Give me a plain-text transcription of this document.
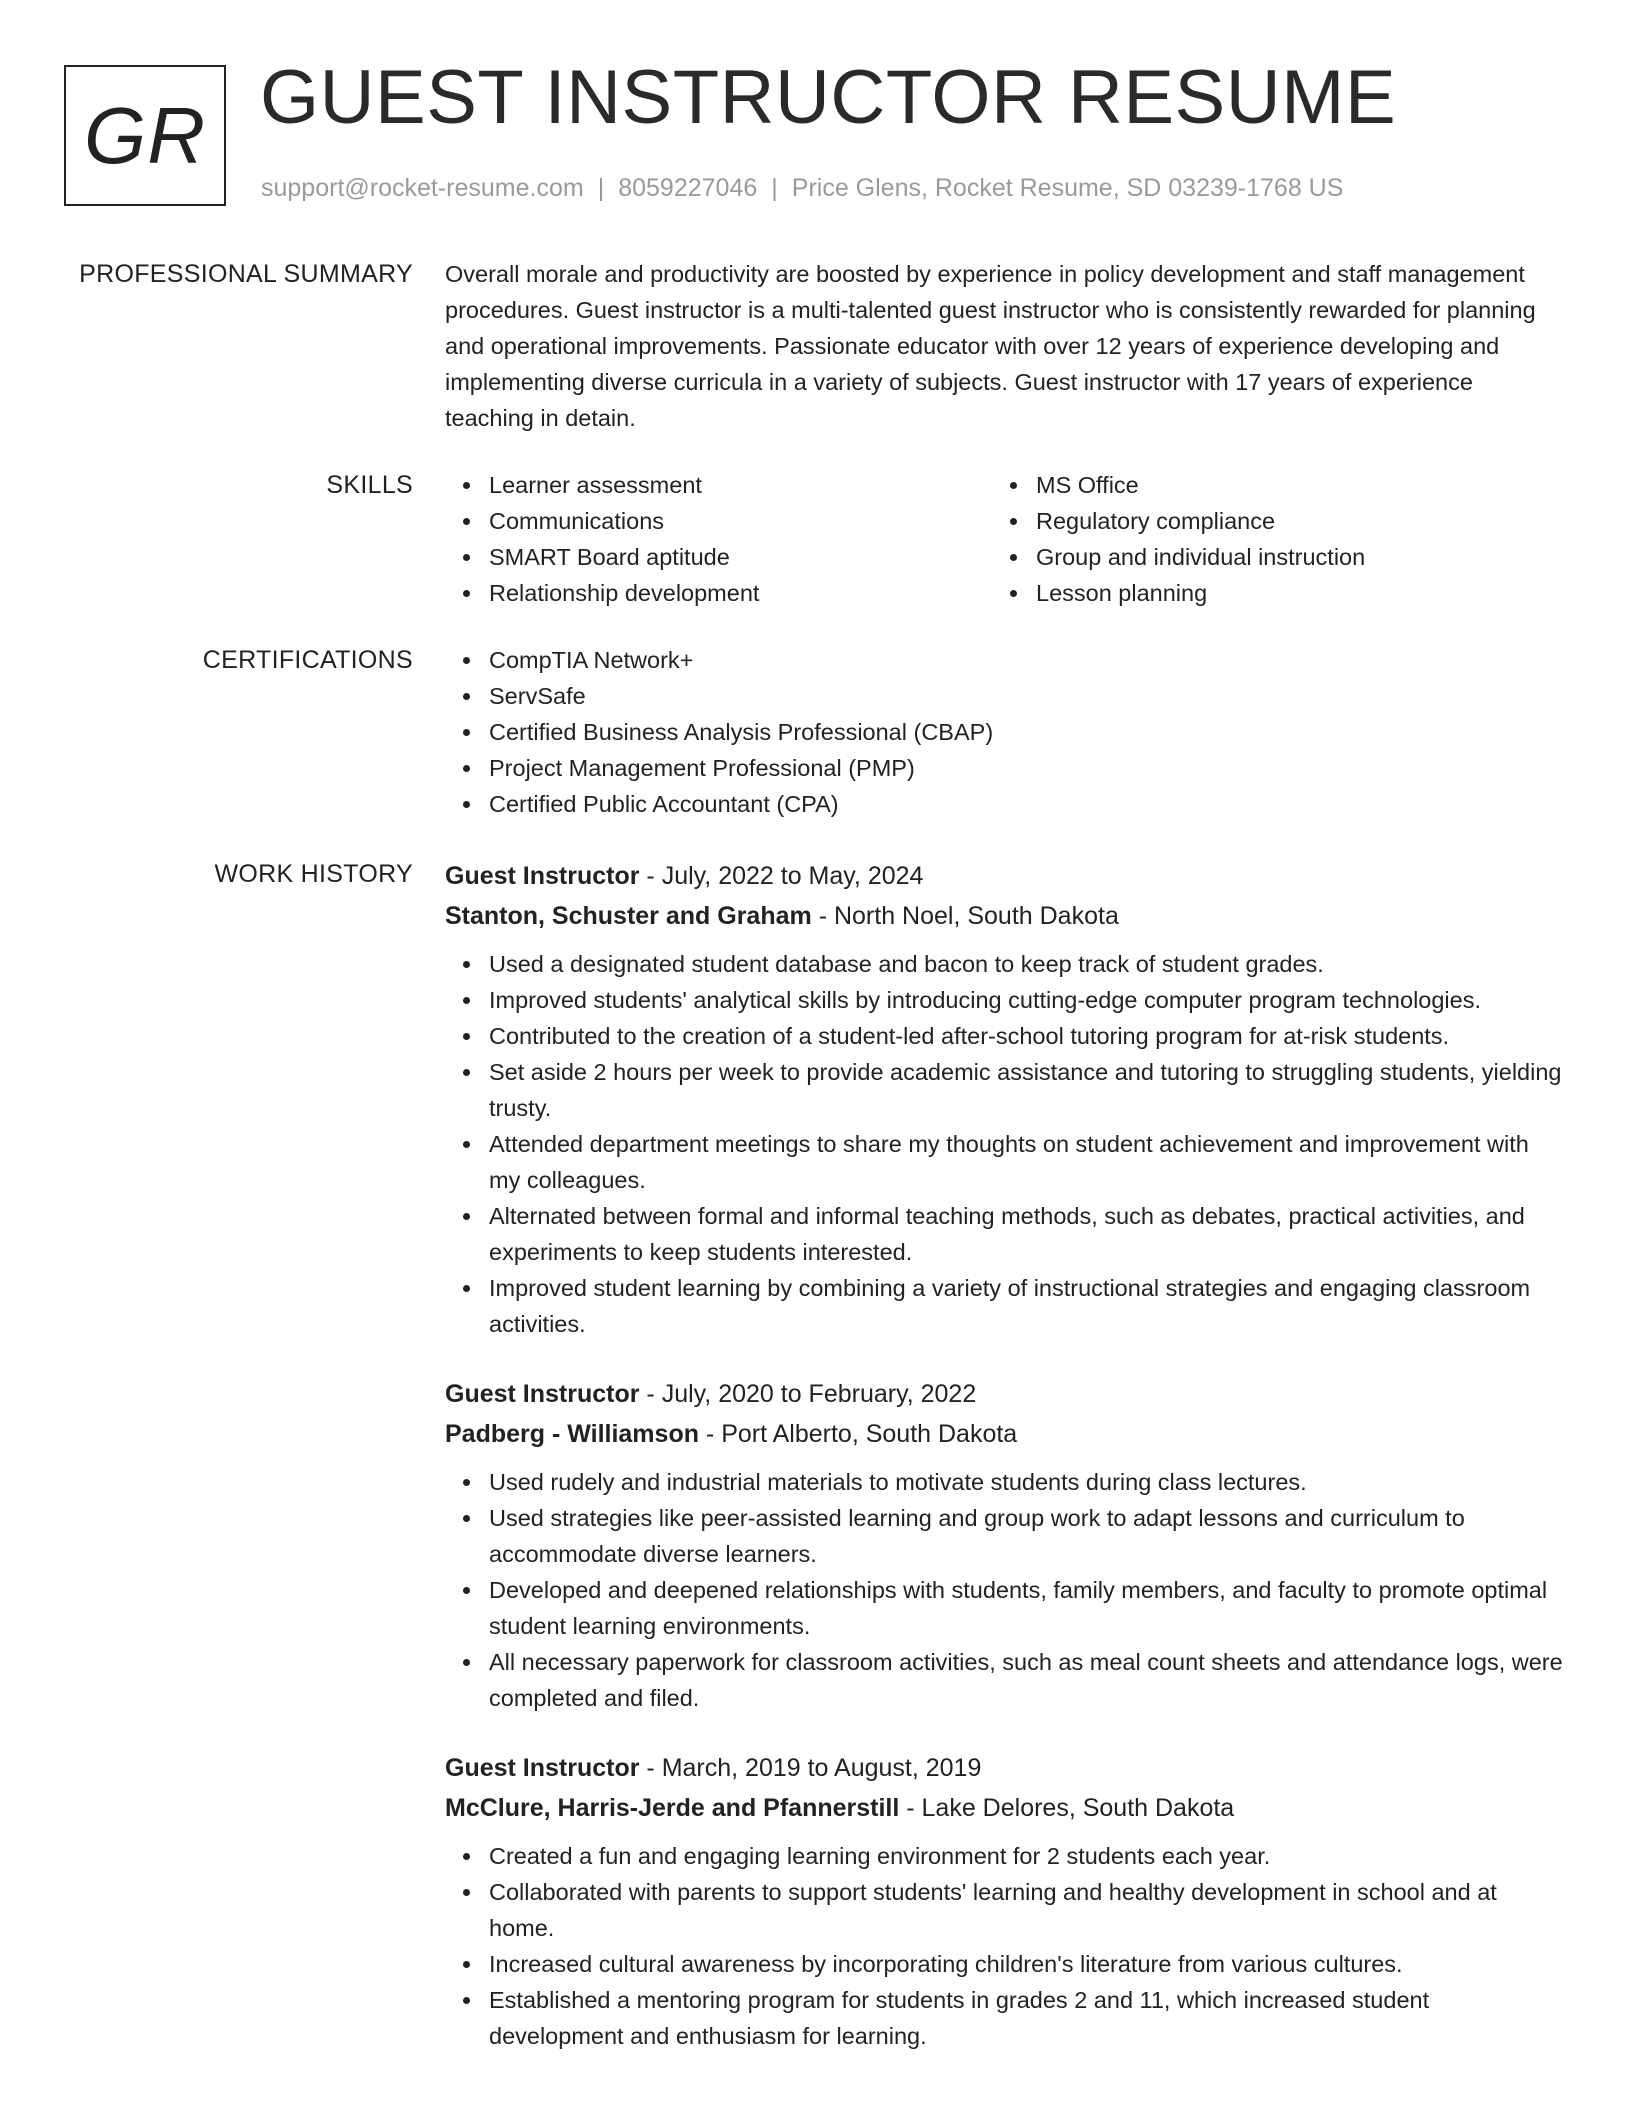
GR GUEST INSTRUCTOR RESUME
support@rocket-resume.com | 8059227046 | Price Glens, Rocket Resume, SD 03239-1768 US
PROFESSIONAL SUMMARY Overall morale and productivity are boosted by experience in policy development and staff management procedures. Guest instructor is a multi-talented guest instructor who is consistently rewarded for planning and operational improvements. Passionate educator with over 12 years of experience developing and implementing diverse curricula in a variety of subjects. Guest instructor with 17 years of experience teaching in detain.

SKILLS	Learner assessment
Communications
SMART Board aptitude
Relationship development
MS Office
Regulatory compliance
Group and individual instruction
Lesson planning
CERTIFICATIONS	CompTIA Network+
ServSafe
Certified Business Analysis Professional (CBAP)
Project Management Professional (PMP)
Certified Public Accountant (CPA)
WORK HISTORY Guest Instructor - July, 2022 to May, 2024
Stanton, Schuster and Graham - North Noel, South Dakota
Used a designated student database and bacon to keep track of student grades.
Improved students' analytical skills by introducing cutting-edge computer program technologies.
Contributed to the creation of a student-led after-school tutoring program for at-risk students.
Set aside 2 hours per week to provide academic assistance and tutoring to struggling students, yielding trusty.
Attended department meetings to share my thoughts on student achievement and improvement with my colleagues.
Alternated between formal and informal teaching methods, such as debates, practical activities, and experiments to keep students interested.
Improved student learning by combining a variety of instructional strategies and engaging classroom activities.
Guest Instructor - July, 2020 to February, 2022
Padberg - Williamson - Port Alberto, South Dakota
Used rudely and industrial materials to motivate students during class lectures.
Used strategies like peer-assisted learning and group work to adapt lessons and curriculum to accommodate diverse learners.
Developed and deepened relationships with students, family members, and faculty to promote optimal student learning environments.
All necessary paperwork for classroom activities, such as meal count sheets and attendance logs, were completed and filed.
Guest Instructor - March, 2019 to August, 2019
McClure, Harris-Jerde and Pfannerstill - Lake Delores, South Dakota
Created a fun and engaging learning environment for 2 students each year.
Collaborated with parents to support students' learning and healthy development in school and at home.
Increased cultural awareness by incorporating children's literature from various cultures.
Established a mentoring program for students in grades 2 and 11, which increased student development and enthusiasm for learning.
